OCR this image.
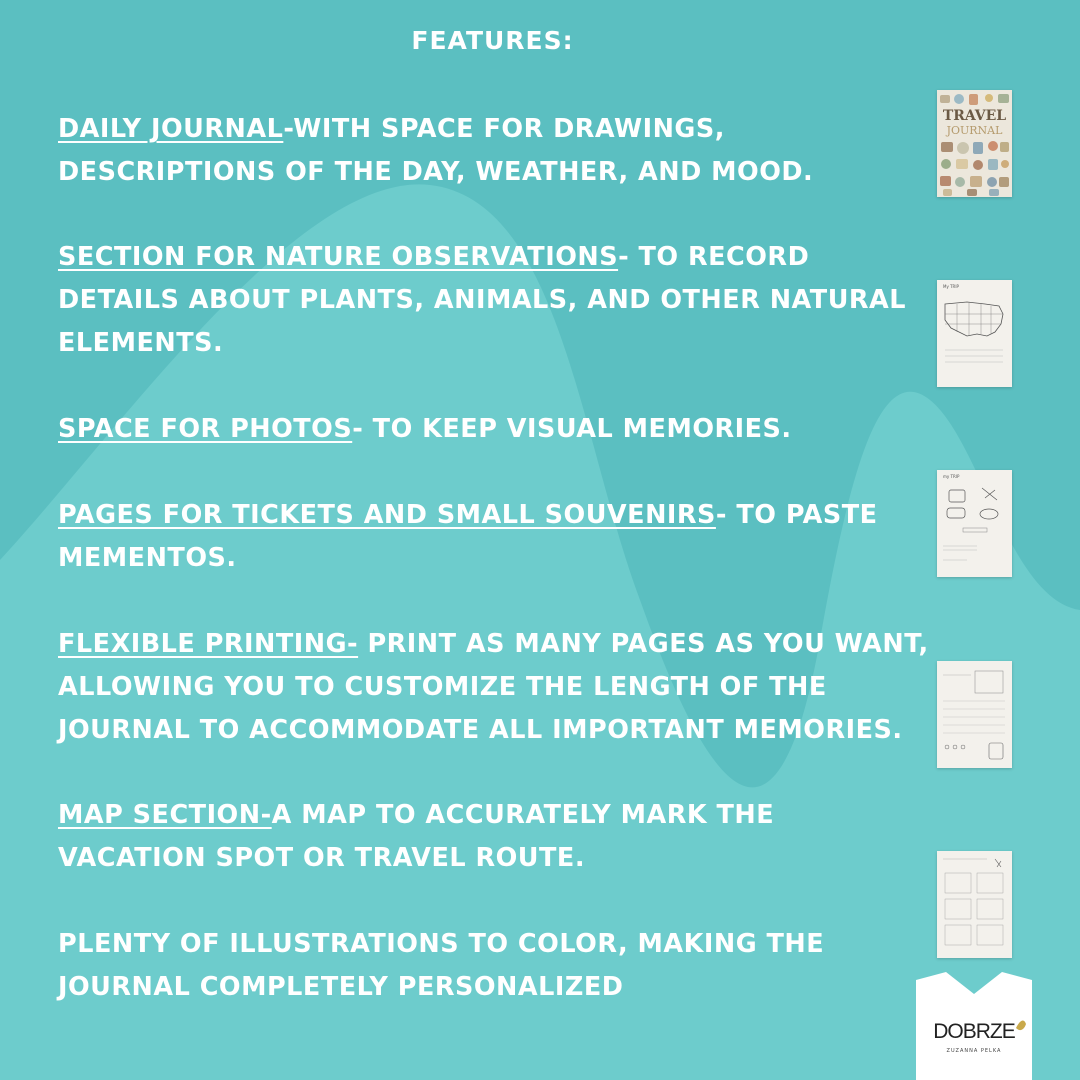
FEATURES:

DAILY JOURNAL-WITH SPACE FOR DRAWINGS,
DESCRIPTIONS OF THE DAY, WEATHER, AND MOOD.

SECTION FOR NATURE OBSERVATIONS- TO RECORD
DETAILS ABOUT PLANTS, ANIMALS, AND OTHER NATURAL
ELEMENTS.

SPACE FOR PHOTOS- TO KEEP VISUAL MEMORIES.

PAGES FOR TICKETS AND SMALL SOUVENIRS- TO PASTE
MEMENTOS.

FLEXIBLE PRINTING- PRINT AS MANY PAGES AS YOU WANT,
ALLOWING YOU TO CUSTOMIZE THE LENGTH OF THE
JOURNAL TO ACCOMMODATE ALL IMPORTANT MEMORIES.

MAP SECTION-A MAP TO ACCURATELY MARK THE
VACATION SPOT OR TRAVEL ROUTE.

PLENTY OF ILLUSTRATIONS TO COLOR, MAKING THE
JOURNAL COMPLETELY PERSONALIZED

TRAVEL
JOURNAL
My TRIP
my TRIP
DOBRZE
ZUZANNA PELKA
